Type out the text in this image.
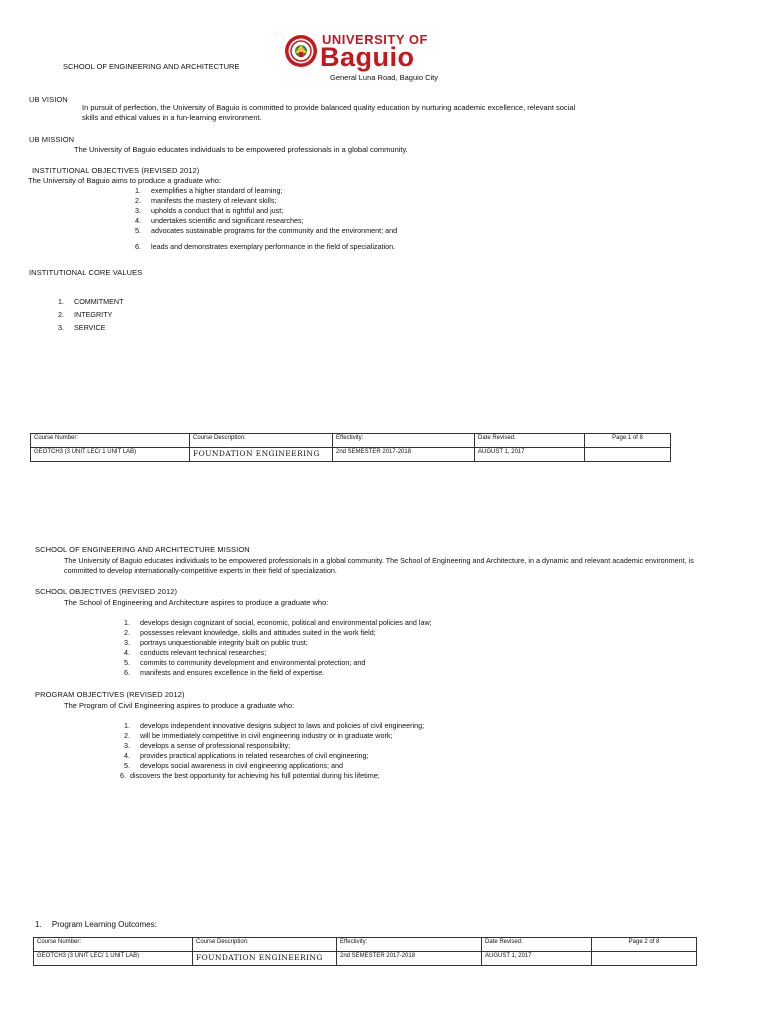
UNIVERSITY OF
Baguio
SCHOOL OF ENGINEERING AND ARCHITECTURE
General Luna Road, Baguio City
UB VISION
In pursuit of perfection, the University of Baguio is committed to provide balanced quality education by nurturing academic excellence, relevant social
skills and ethical values in a fun-learning environment.
UB MISSION
The University of Baguio educates individuals to be empowered professionals in a global community.
INSTITUTIONAL OBJECTIVES (REVISED 2012)
The University of Baguio aims to produce a graduate who:
1. exemplifies a higher standard of learning;
2. manifests the mastery of relevant skills;
3. upholds a conduct that is rightful and just;
4. undertakes scientific and significant researches;
5. advocates sustainable programs for the community and the environment; and
6. leads and demonstrates exemplary performance in the field of specialization.
INSTITUTIONAL CORE VALUES
1. COMMITMENT
2. INTEGRITY
3. SERVICE
Course Number:	Course Description:	Effectivity:	Date Revised:	Page 1 of 8
GEOTCH3 (3 UNIT LEC/ 1 UNIT LAB)	FOUNDATION ENGINEERING	2nd SEMESTER 2017-2018	AUGUST 1, 2017	
SCHOOL OF ENGINEERING AND ARCHITECTURE MISSION
The University of Baguio educates individuals to be empowered professionals in a global community. The School of Engineering and Architecture, in a dynamic and relevant academic environment, is
committed to develop internationally-competitive experts in their field of specialization.
SCHOOL OBJECTIVES (REVISED 2012)
The School of Engineering and Architecture aspires to produce a graduate who:
1. develops design cognizant of social, economic, political and environmental policies and law;
2. possesses relevant knowledge, skills and attitudes suited in the work field;
3. portrays unquestionable integrity built on public trust;
4. conducts relevant technical researches;
5. commits to community development and environmental protection; and
6. manifests and ensures excellence in the field of expertise.
PROGRAM OBJECTIVES (REVISED 2012)
The Program of Civil Engineering aspires to produce a graduate who:
1. develops independent innovative designs subject to laws and policies of civil engineering;
2. will be immediately competitive in civil engineering industry or in graduate work;
3. develops a sense of professional responsibility;
4. provides practical applications in related researches of civil engineering;
5. develops social awareness in civil engineering applications; and
6. discovers the best opportunity for achieving his full potential during his lifetime;
1. Program Learning Outcomes:
Course Number:	Course Description:	Effectivity:	Date Revised:	Page 2 of 8
GEOTCH3 (3 UNIT LEC/ 1 UNIT LAB)	FOUNDATION ENGINEERING	2nd SEMESTER 2017-2018	AUGUST 1, 2017	
